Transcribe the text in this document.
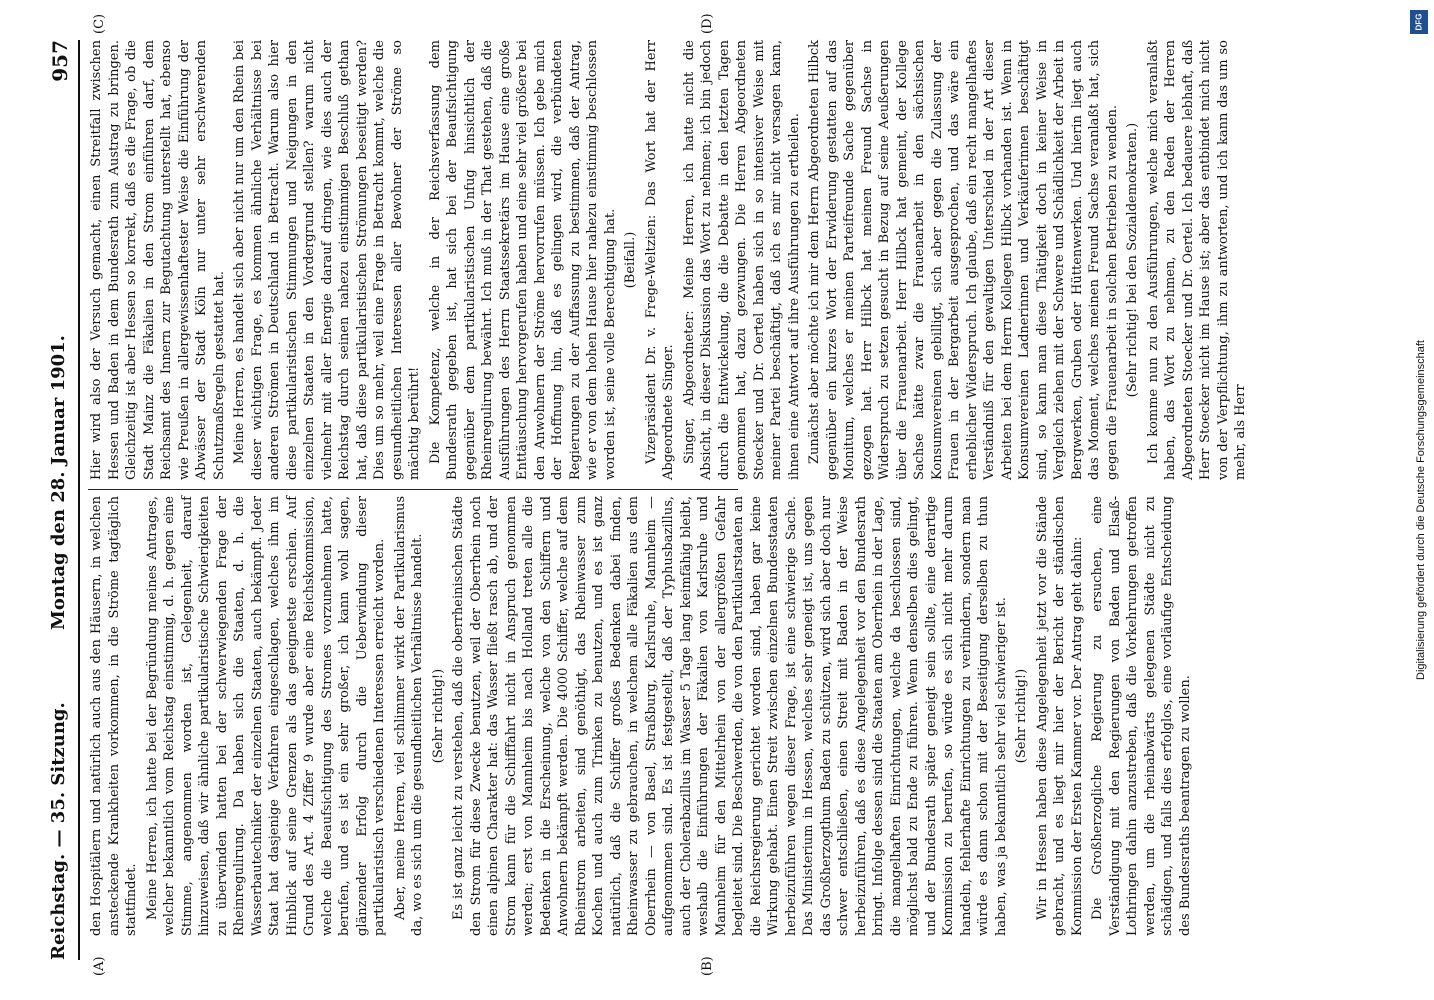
DFG
Digitalisierung gefördert durch die Deutsche Forschungsgemeinschaft
Reichstag. — 35. Sitzung.
Montag den 28. Januar 1901.
957
(A)	(B)
(C)	(D)

den Hospitälern und natürlich auch aus den Häusern, in welchen ansteckende Krankheiten vorkommen, in die Ströme tagtäglich stattfindet. Meine Herren, ich hatte bei der Begründung meines Antrages, welcher bekanntlich vom Reichstag einstimmig, d. h. gegen eine Stimme, angenommen worden ist, Gelegenheit, darauf hinzuweisen, daß wir ähnliche partikularistische Schwierigkeiten zu überwinden hatten bei der schwerwiegenden Frage der Rheinregulirung. Da haben sich die Staaten, d. h. die Wasserbautechniker der einzelnen Staaten, auch bekämpft. Jeder Staat hat dasjenige Verfahren eingeschlagen, welches ihm im Hinblick auf seine Grenzen als das geeignetste erschien. Auf Grund des Art. 4 Ziffer 9 wurde aber eine Reichskommission, welche die Beaufsichtigung des Stromes vorzunehmen hatte, berufen, und es ist ein sehr großer, ich kann wohl sagen, glänzender Erfolg durch die Ueberwindung dieser partikularistisch verschiedenen Interessen erreicht worden. Aber, meine Herren, viel schlimmer wirkt der Partikularismus da, wo es sich um die gesundheitlichen Verhältnisse handelt. (Sehr richtig!) Es ist ganz leicht zu verstehen, daß die oberrheinischen Städte den Strom für diese Zwecke benutzen, weil der Oberrhein noch einen alpinen Charakter hat: das Wasser fließt rasch ab, und der Strom kann für die Schifffahrt nicht in Anspruch genommen werden; erst von Mannheim bis nach Holland treten alle die Bedenken in die Erscheinung, welche von den Schiffern und Anwohnern bekämpft werden. Die 4000 Schiffer, welche auf dem Rheinstrom arbeiten, sind genöthigt, das Rheinwasser zum Kochen und auch zum Trinken zu benutzen, und es ist ganz natürlich, daß die Schiffer großes Bedenken dabei finden, Rheinwasser zu gebrauchen, in welchem alle Fäkalien aus dem Oberrhein — von Basel, Straßburg, Karlsruhe, Mannheim — aufgenommen sind. Es ist festgestellt, daß der Typhusbazillus, auch der Cholerabazillus im Wasser 5 Tage lang keimfähig bleibt, weshalb die Einführungen der Fäkalien von Karlsruhe und Mannheim für den Mittelrhein von der allergrößten Gefahr begleitet sind. Die Beschwerden, die von den Partikularstaaten an die Reichsregierung gerichtet worden sind, haben gar keine Wirkung gehabt. Einen Streit zwischen einzelnen Bundesstaaten herbeizuführen wegen dieser Frage, ist eine schwierige Sache. Das Ministerium in Hessen, welches sehr geneigt ist, uns gegen das Großherzogthum Baden zu schützen, wird sich aber doch nur schwer entschließen, einen Streit mit Baden in der Weise herbeizuführen, daß es diese Angelegenheit vor den Bundesrath bringt. Infolge dessen sind die Staaten am Oberrhein in der Lage, die mangelhaften Einrichtungen, welche da beschlossen sind, möglichst bald zu Ende zu führen. Wenn denselben dies gelingt, und der Bundesrath später geneigt sein sollte, eine derartige Kommission zu berufen, so würde es sich nicht mehr darum handeln, fehlerhafte Einrichtungen zu verhindern, sondern man würde es dann schon mit der Beseitigung derselben zu thun haben, was ja bekanntlich sehr viel schwieriger ist. (Sehr richtig!) Wir in Hessen haben diese Angelegenheit jetzt vor die Stände gebracht, und es liegt mir hier der Bericht der ständischen Kommission der Ersten Kammer vor. Der Antrag geht dahin: Die Großherzogliche Regierung zu ersuchen, eine Verständigung mit den Regierungen von Baden und Elsaß-Lothringen dahin anzustreben, daß die Vorkehrungen getroffen werden, um die rheinabwärts gelegenen Städte nicht zu schädigen, und falls dies erfolglos, eine vorläufige Entscheidung des Bundesraths beantragen zu wollen.

Hier wird also der Versuch gemacht, einen Streitfall zwischen Hessen und Baden in dem Bundesrath zum Austrag zu bringen. Gleichzeitig ist aber Hessen so korrekt, daß es die Frage, ob die Stadt Mainz die Fäkalien in den Strom einführen darf, dem Reichsamt des Innern zur Begutachtung unterstellt hat, ebenso wie Preußen in allergewissenhaftester Weise die Einführung der Abwässer der Stadt Köln nur unter sehr erschwerenden Schutzmaßregeln gestattet hat. Meine Herren, es handelt sich aber nicht nur um den Rhein bei dieser wichtigen Frage, es kommen ähnliche Verhältnisse bei anderen Strömen in Deutschland in Betracht. Warum also hier diese partikularistischen Stimmungen und Neigungen in den einzelnen Staaten in den Vordergrund stellen? warum nicht vielmehr mit aller Energie darauf dringen, wie dies auch der Reichstag durch seinen nahezu einstimmigen Beschluß gethan hat, daß diese partikularistischen Strömungen beseitigt werden? Dies um so mehr, weil eine Frage in Betracht kommt, welche die gesundheitlichen Interessen aller Bewohner der Ströme so mächtig berührt! Die Kompetenz, welche in der Reichsverfassung dem Bundesrath gegeben ist, hat sich bei der Beaufsichtigung gegenüber dem partikularistischen Unfug hinsichtlich der Rheinregulirung bewährt. Ich muß in der That gestehen, daß die Ausführungen des Herrn Staatssekretärs im Hause eine große Enttäuschung hervorgerufen haben und eine sehr viel größere bei den Anwohnern der Ströme hervorrufen müssen. Ich gebe mich der Hoffnung hin, daß es gelingen wird, die verbündeten Regierungen zu der Auffassung zu bestimmen, daß der Antrag, wie er von dem hohen Hause hier nahezu einstimmig beschlossen worden ist, seine volle Berechtigung hat. (Beifall.) Vizepräsident Dr. v. Frege-Weltzien: Das Wort hat der Herr Abgeordnete Singer. Singer, Abgeordneter: Meine Herren, ich hatte nicht die Absicht, in dieser Diskussion das Wort zu nehmen; ich bin jedoch durch die Entwickelung, die die Debatte in den letzten Tagen genommen hat, dazu gezwungen. Die Herren Abgeordneten Stoecker und Dr. Oertel haben sich in so intensiver Weise mit meiner Partei beschäftigt, daß ich es mir nicht versagen kann, ihnen eine Antwort auf ihre Ausführungen zu ertheilen. Zunächst aber möchte ich mir dem Herrn Abgeordneten Hilbck gegenüber ein kurzes Wort der Erwiderung gestatten auf das Monitum, welches er meinen Parteifreunde Sache gegenüber gezogen hat. Herr Hilbck hat meinen Freund Sachse in Widerspruch zu setzen gesucht in Bezug auf seine Aeußerungen über die Frauenarbeit. Herr Hilbck hat gemeint, der Kollege Sachse hätte zwar die Frauenarbeit in den sächsischen Konsumvereinen gebilligt, sich aber gegen die Zulassung der Frauen in der Bergarbeit ausgesprochen, und das wäre ein erheblicher Widerspruch. Ich glaube, daß ein recht mangelhaftes Verständniß für den gewaltigen Unterschied in der Art dieser Arbeiten bei dem Herrn Kollegen Hilbck vorhanden ist. Wenn in Konsumvereinen Ladnerinnen und Verkäuferinnen beschäftigt sind, so kann man diese Thätigkeit doch in keiner Weise in Vergleich ziehen mit der Schwere und Schädlichkeit der Arbeit in Bergwerken, Gruben oder Hüttenwerken. Und hierin liegt auch das Moment, welches meinen Freund Sachse veranlaßt hat, sich gegen die Frauenarbeit in solchen Betrieben zu wenden. (Sehr richtig! bei den Sozialdemokraten.) Ich komme nun zu den Ausführungen, welche mich veranlaßt haben, das Wort zu nehmen, zu den Reden der Herren Abgeordneten Stoecker und Dr. Oertel. Ich bedauere lebhaft, daß Herr Stoecker nicht im Hause ist; aber das entbindet mich nicht von der Verpflichtung, ihm zu antworten, und ich kann das um so mehr, als Herr
